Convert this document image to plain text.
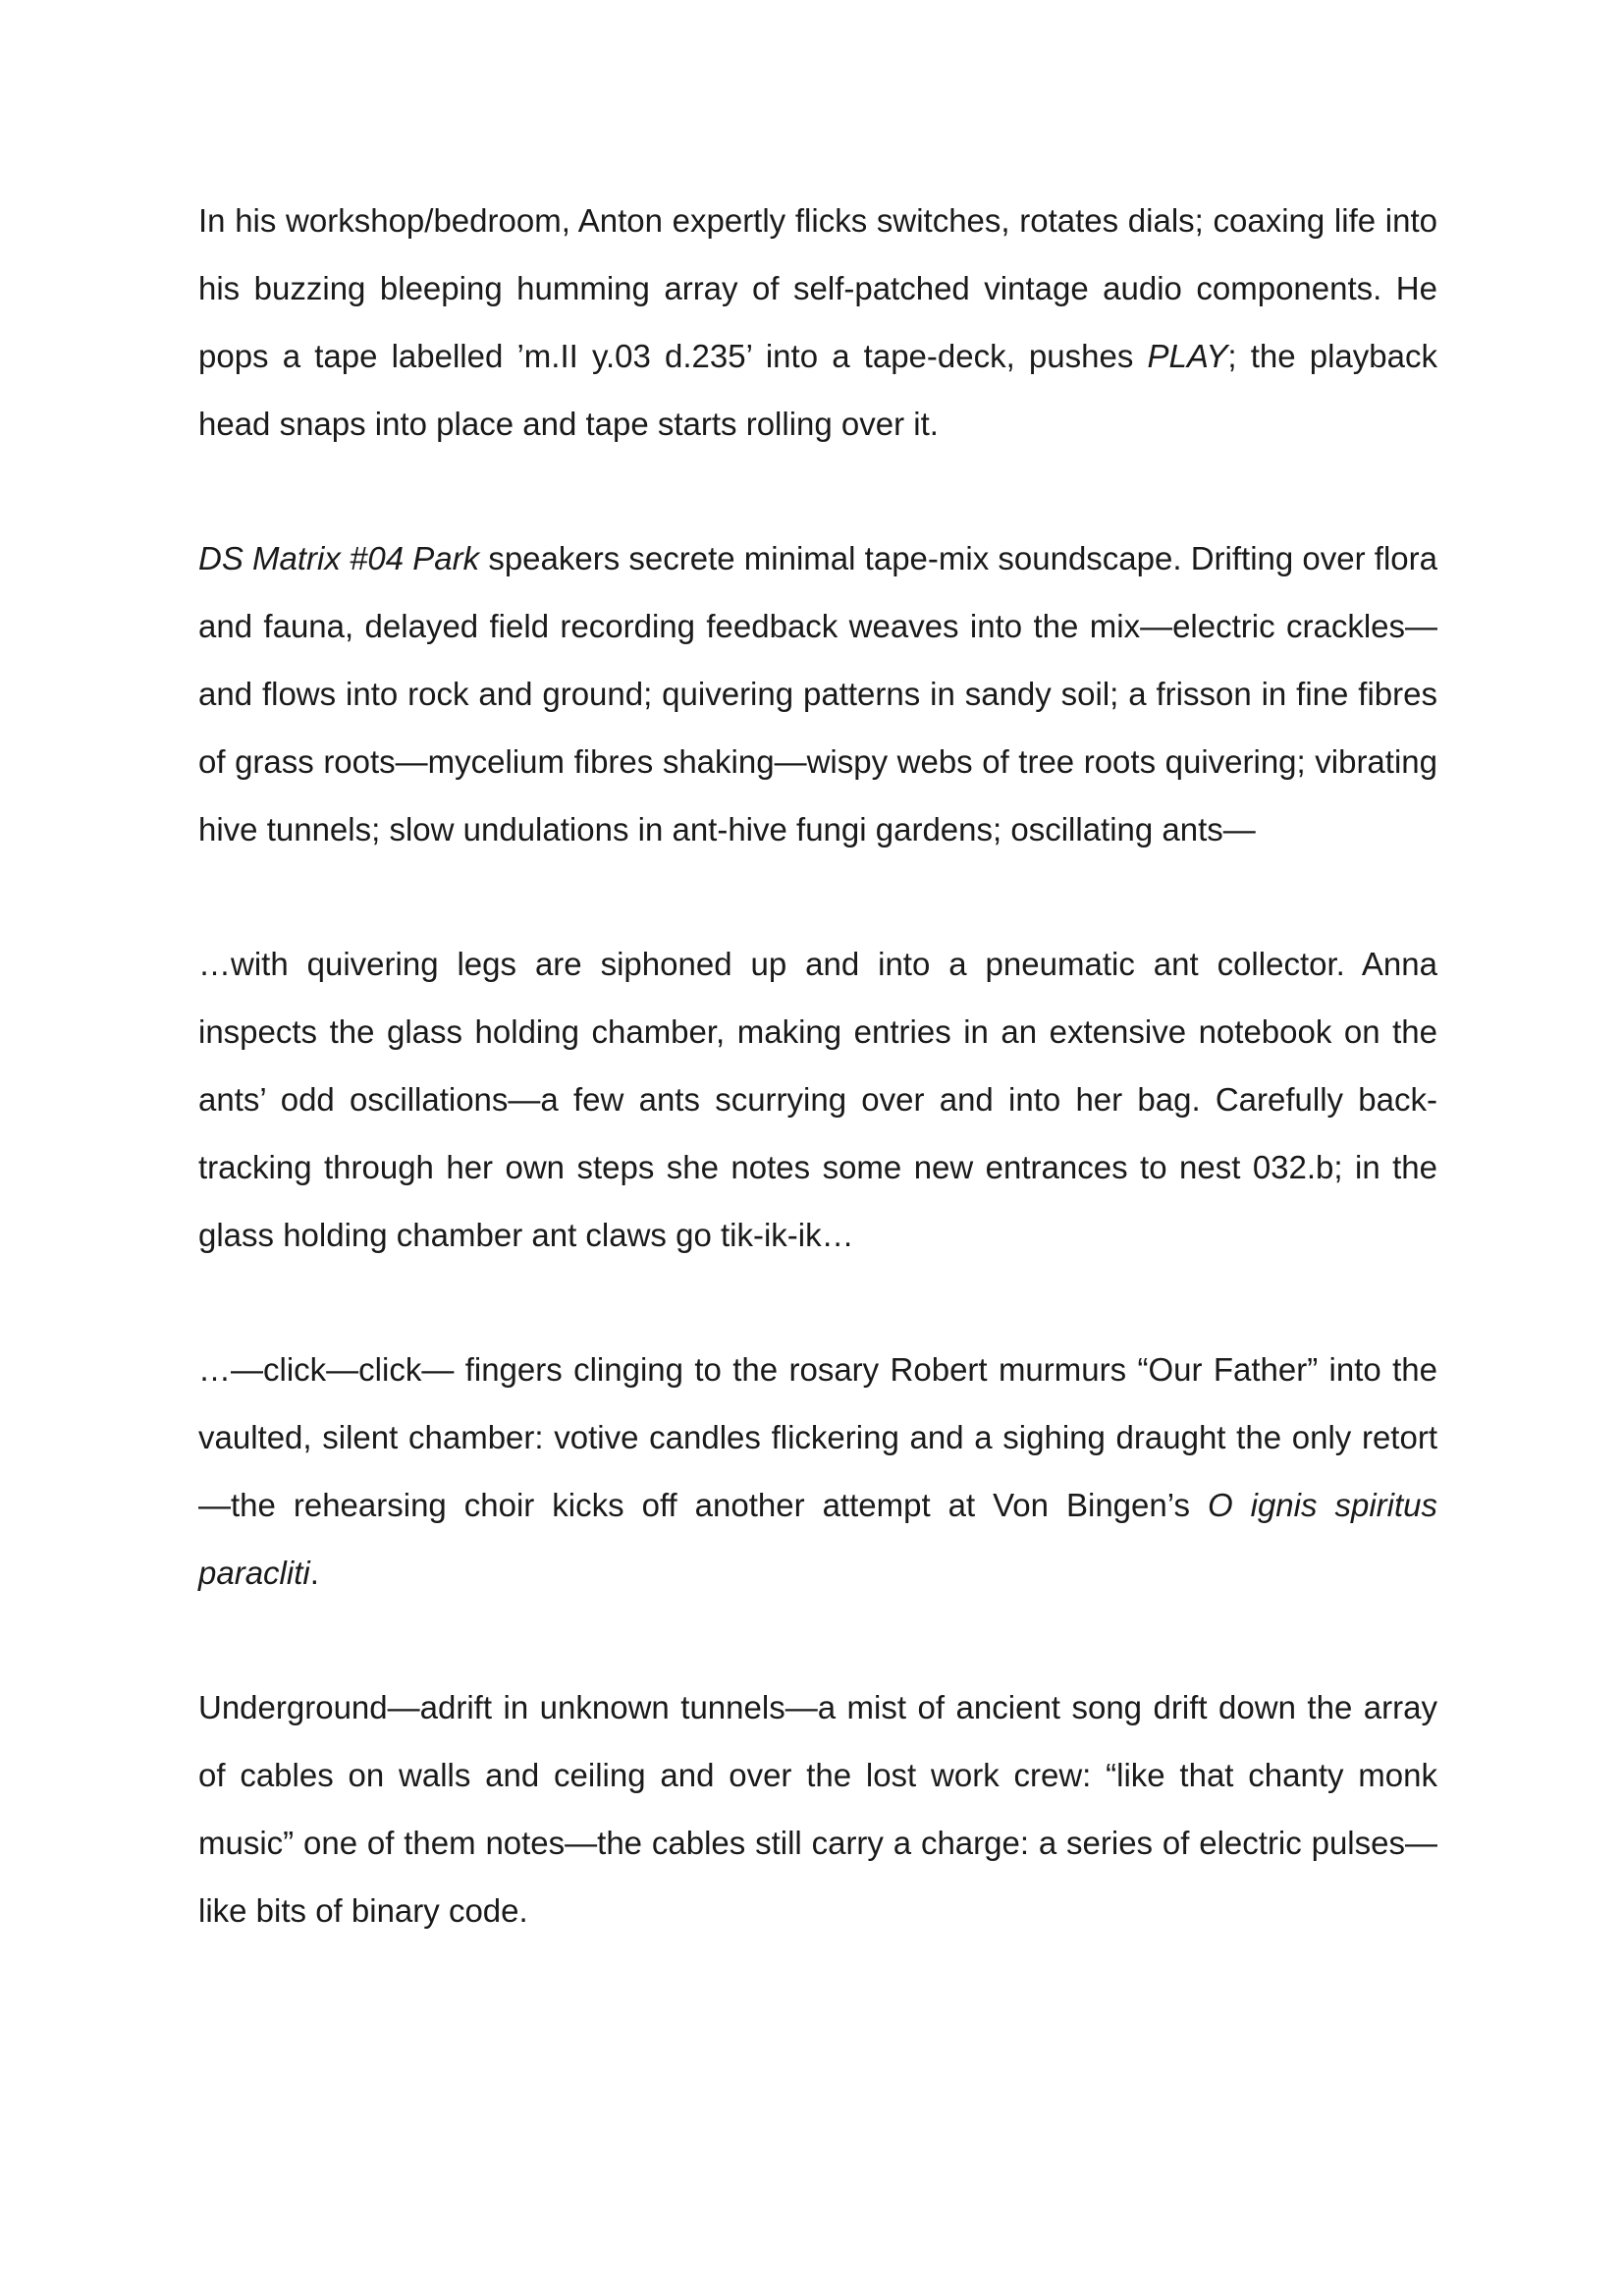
In his workshop/bedroom, Anton expertly flicks switches, rotates dials; coaxing life into his buzzing bleeping humming array of self-patched vintage audio components. He pops a tape labelled ’m.II y.03 d.235’ into a tape-deck, pushes PLAY; the playback head snaps into place and tape starts rolling over it.

DS Matrix #04 Park speakers secrete minimal tape-mix soundscape. Drifting over flora and fauna, delayed field recording feedback weaves into the mix—electric crackles—and flows into rock and ground; quivering patterns in sandy soil; a frisson in fine fibres of grass roots—mycelium fibres shaking—wispy webs of tree roots quivering; vibrating hive tunnels; slow undulations in ant-hive fungi gardens; oscillating ants—

…with quivering legs are siphoned up and into a pneumatic ant collector. Anna inspects the glass holding chamber, making entries in an extensive notebook on the ants’ odd oscillations—a few ants scurrying over and into her bag. Carefully back-tracking through her own steps she notes some new entrances to nest 032.b; in the glass holding chamber ant claws go tik-ik-ik…

…—click—click— fingers clinging to the rosary Robert murmurs “Our Father” into the vaulted, silent chamber: votive candles flickering and a sighing draught the only retort—the rehearsing choir kicks off another attempt at Von Bingen’s O ignis spiritus paracliti.

Underground—adrift in unknown tunnels—a mist of ancient song drift down the array of cables on walls and ceiling and over the lost work crew: “like that chanty monk music” one of them notes—the cables still carry a charge: a series of electric pulses—like bits of binary code.
